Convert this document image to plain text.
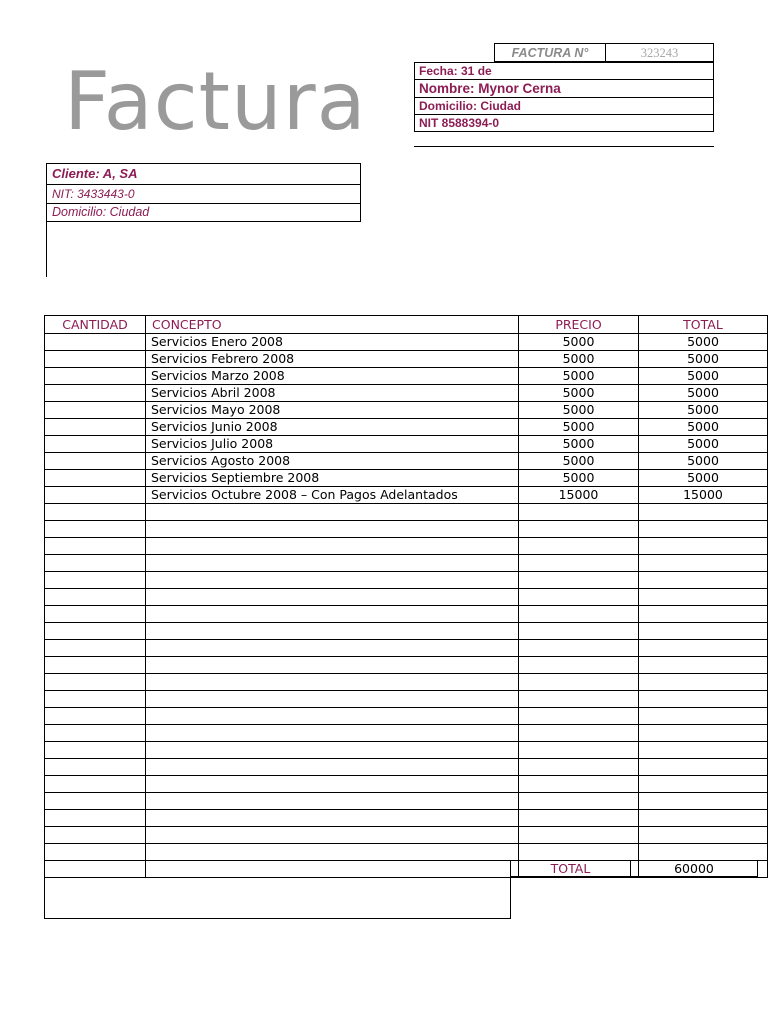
Factura
FACTURA N°	323243
Fecha: 31 de
Nombre: Mynor Cerna
Domicilio: Ciudad
NIT 8588394-0
Cliente: A, SA
NIT: 3433443-0
Domicilio: Ciudad
CANTIDAD	CONCEPTO	PRECIO	TOTAL
	Servicios Enero 2008	5000	5000
	Servicios Febrero 2008	5000	5000
	Servicios Marzo 2008	5000	5000
	Servicios Abril 2008	5000	5000
	Servicios Mayo 2008	5000	5000
	Servicios Junio 2008	5000	5000
	Servicios Julio 2008	5000	5000
	Servicios Agosto 2008	5000	5000
	Servicios Septiembre 2008	5000	5000
	Servicios Octubre 2008 – Con Pagos Adelantados	15000	15000

TOTAL	60000
